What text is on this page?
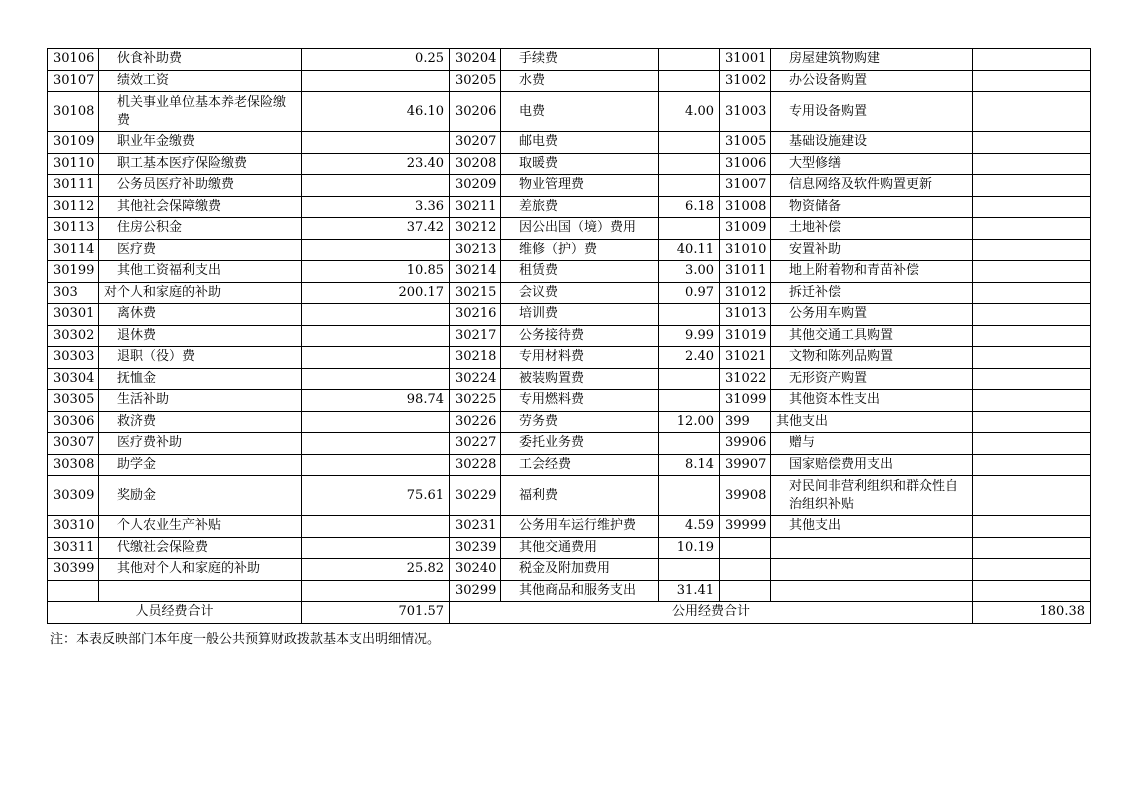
30106	伙食补助费	0.25	30204	手续费		31001	房屋建筑物购建	
30107	绩效工资		30205	水费		31002	办公设备购置	
30108	机关事业单位基本养老保险缴费	46.10	30206	电费	4.00	31003	专用设备购置	
30109	职业年金缴费		30207	邮电费		31005	基础设施建设	
30110	职工基本医疗保险缴费	23.40	30208	取暖费		31006	大型修缮	
30111	公务员医疗补助缴费		30209	物业管理费		31007	信息网络及软件购置更新	
30112	其他社会保障缴费	3.36	30211	差旅费	6.18	31008	物资储备	
30113	住房公积金	37.42	30212	因公出国（境）费用		31009	土地补偿	
30114	医疗费		30213	维修（护）费	40.11	31010	安置补助	
30199	其他工资福利支出	10.85	30214	租赁费	3.00	31011	地上附着物和青苗补偿	
303	对个人和家庭的补助	200.17	30215	会议费	0.97	31012	拆迁补偿	
30301	离休费		30216	培训费		31013	公务用车购置	
30302	退休费		30217	公务接待费	9.99	31019	其他交通工具购置	
30303	退职（役）费		30218	专用材料费	2.40	31021	文物和陈列品购置	
30304	抚恤金		30224	被装购置费		31022	无形资产购置	
30305	生活补助	98.74	30225	专用燃料费		31099	其他资本性支出	
30306	救济费		30226	劳务费	12.00	399	其他支出	
30307	医疗费补助		30227	委托业务费		39906	赠与	
30308	助学金		30228	工会经费	8.14	39907	国家赔偿费用支出	
30309	奖励金	75.61	30229	福利费		39908	对民间非营利组织和群众性自治组织补贴	
30310	个人农业生产补贴		30231	公务用车运行维护费	4.59	39999	其他支出	
30311	代缴社会保险费		30239	其他交通费用	10.19			
30399	其他对个人和家庭的补助	25.82	30240	税金及附加费用				
			30299	其他商品和服务支出	31.41			
人员经费合计		701.57	公用经费合计					180.38
注：本表反映部门本年度一般公共预算财政拨款基本支出明细情况。
